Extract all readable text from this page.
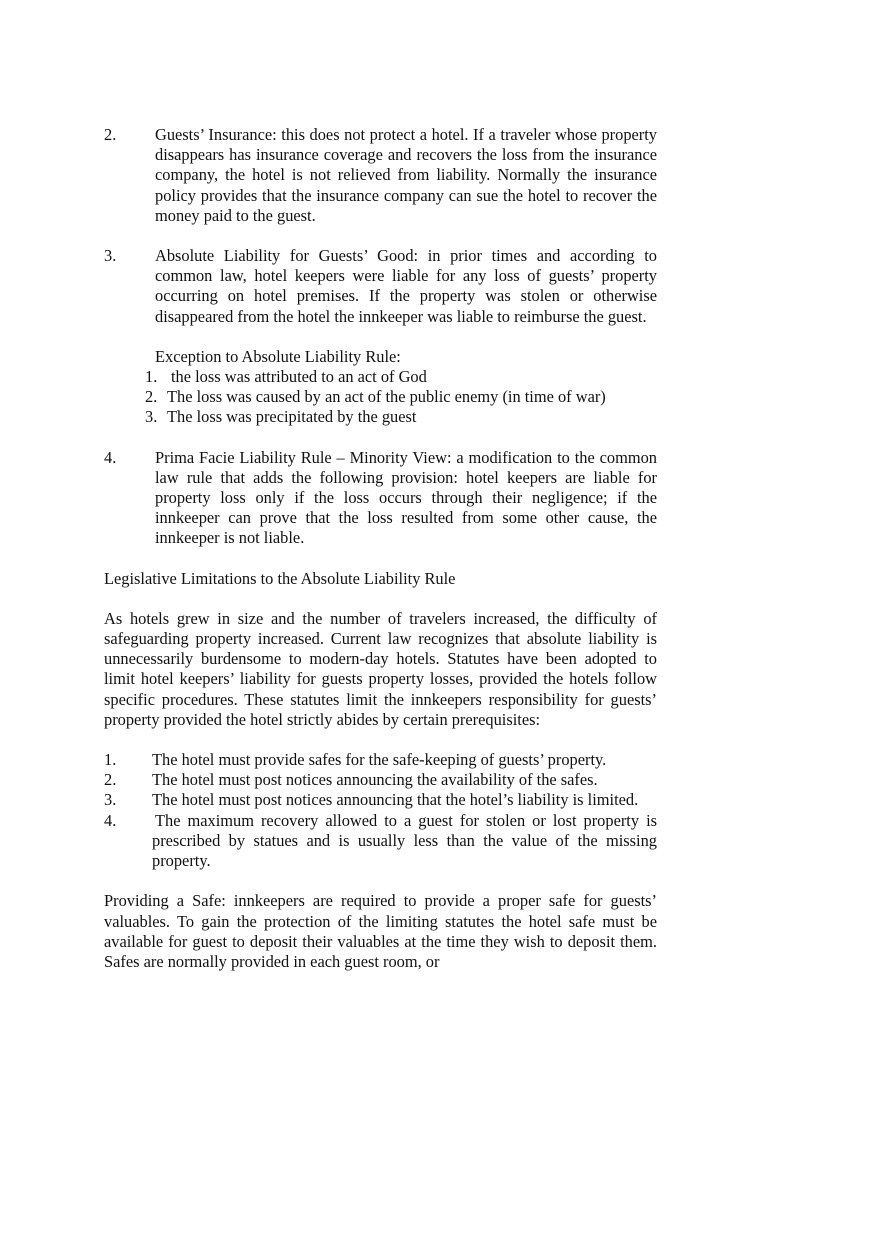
2. Guests’ Insurance: this does not protect a hotel. If a traveler whose property disappears has insurance coverage and recovers the loss from the insurance company, the hotel is not relieved from liability. Normally the insurance policy provides that the insurance company can sue the hotel to recover the money paid to the guest.
3. Absolute Liability for Guests’ Good: in prior times and according to common law, hotel keepers were liable for any loss of guests’ property occurring on hotel premises. If the property was stolen or otherwise disappeared from the hotel the innkeeper was liable to reimburse the guest.
Exception to Absolute Liability Rule:
1. the loss was attributed to an act of God
2. The loss was caused by an act of the public enemy (in time of war)
3. The loss was precipitated by the guest
4. Prima Facie Liability Rule – Minority View: a modification to the common law rule that adds the following provision: hotel keepers are liable for property loss only if the loss occurs through their negligence; if the innkeeper can prove that the loss resulted from some other cause, the innkeeper is not liable.
Legislative Limitations to the Absolute Liability Rule
As hotels grew in size and the number of travelers increased, the difficulty of safeguarding property increased. Current law recognizes that absolute liability is unnecessarily burdensome to modern-day hotels. Statutes have been adopted to limit hotel keepers’ liability for guests property losses, provided the hotels follow specific procedures. These statutes limit the innkeepers responsibility for guests’ property provided the hotel strictly abides by certain prerequisites:
1. The hotel must provide safes for the safe-keeping of guests’ property.
2. The hotel must post notices announcing the availability of the safes.
3. The hotel must post notices announcing that the hotel’s liability is limited.
4. The maximum recovery allowed to a guest for stolen or lost property is prescribed by statues and is usually less than the value of the missing property.
Providing a Safe: innkeepers are required to provide a proper safe for guests’ valuables. To gain the protection of the limiting statutes the hotel safe must be available for guest to deposit their valuables at the time they wish to deposit them. Safes are normally provided in each guest room, or
